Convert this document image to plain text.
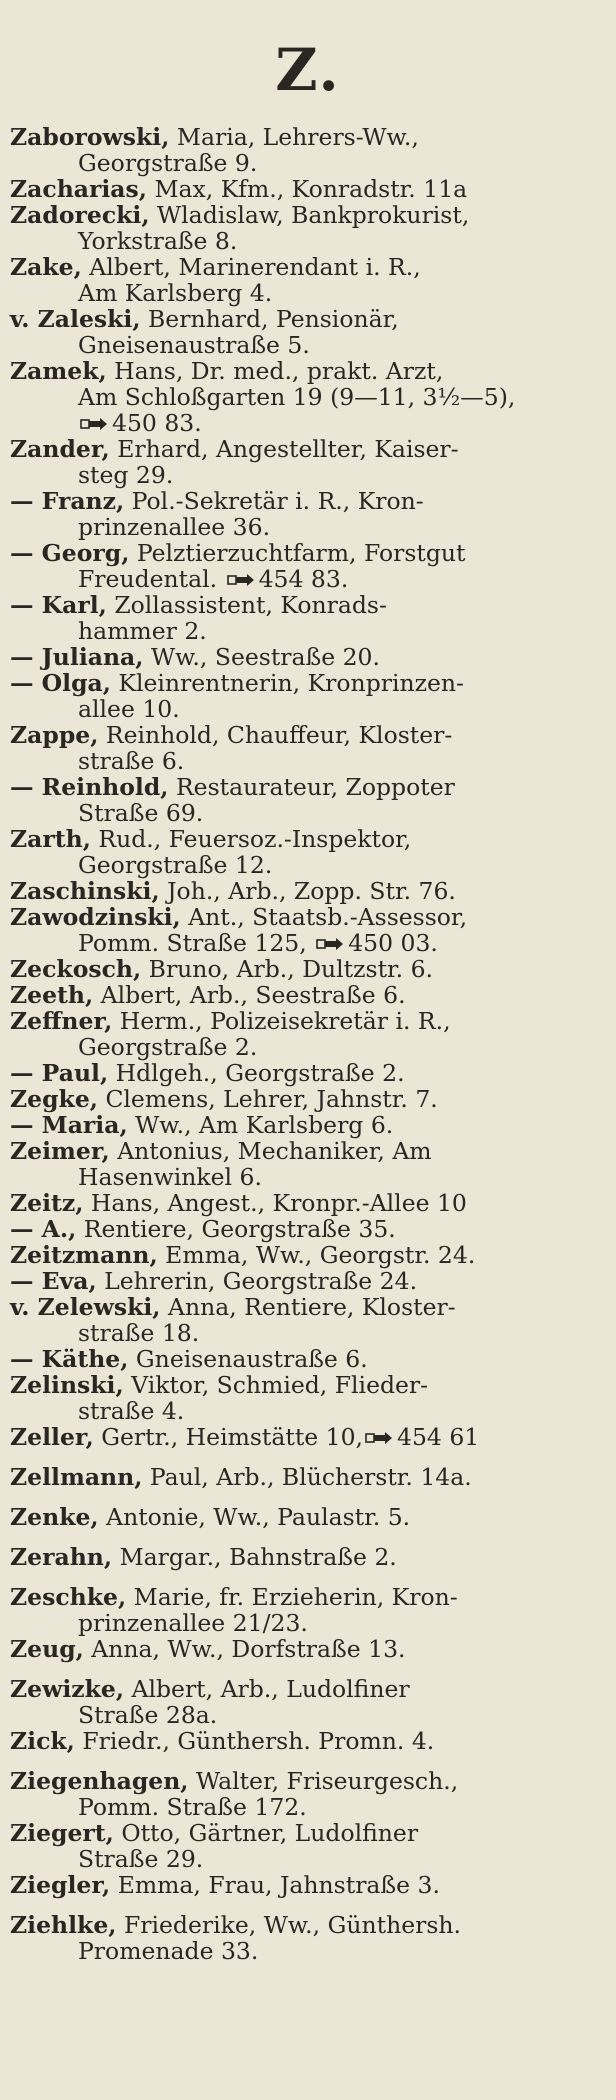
Z.
Zaborowski, Maria, Lehrers-Ww.,
Georgstraße 9.
Zacharias, Max, Kfm., Konradstr. 11a
Zadorecki, Wladislaw, Bankprokurist,
Yorkstraße 8.
Zake, Albert, Marinerendant i. R.,
Am Karlsberg 4.
v. Zaleski, Bernhard, Pensionär,
Gneisenaustraße 5.
Zamek, Hans, Dr. med., prakt. Arzt,
Am Schloßgarten 19 (9—11, 3½—5),
450 83.
Zander, Erhard, Angestellter, Kaiser-
steg 29.
— Franz, Pol.-Sekretär i. R., Kron-
prinzenallee 36.
— Georg, Pelztierzuchtfarm, Forstgut
Freudental. 454 83.
— Karl, Zollassistent, Konrads-
hammer 2.
— Juliana, Ww., Seestraße 20.
— Olga, Kleinrentnerin, Kronprinzen-
allee 10.
Zappe, Reinhold, Chauffeur, Kloster-
straße 6.
— Reinhold, Restaurateur, Zoppoter
Straße 69.
Zarth, Rud., Feuersoz.-Inspektor,
Georgstraße 12.
Zaschinski, Joh., Arb., Zopp. Str. 76.
Zawodzinski, Ant., Staatsb.-Assessor,
Pomm. Straße 125, 450 03.
Zeckosch, Bruno, Arb., Dultzstr. 6.
Zeeth, Albert, Arb., Seestraße 6.
Zeffner, Herm., Polizeisekretär i. R.,
Georgstraße 2.
— Paul, Hdlgeh., Georgstraße 2.
Zegke, Clemens, Lehrer, Jahnstr. 7.
— Maria, Ww., Am Karlsberg 6.
Zeimer, Antonius, Mechaniker, Am
Hasenwinkel 6.
Zeitz, Hans, Angest., Kronpr.-Allee 10
— A., Rentiere, Georgstraße 35.
Zeitzmann, Emma, Ww., Georgstr. 24.
— Eva, Lehrerin, Georgstraße 24.
v. Zelewski, Anna, Rentiere, Kloster-
straße 18.
— Käthe, Gneisenaustraße 6.
Zelinski, Viktor, Schmied, Flieder-
straße 4.
Zeller, Gertr., Heimstätte 10, 454 61
Zellmann, Paul, Arb., Blücherstr. 14a.
Zenke, Antonie, Ww., Paulastr. 5.
Zerahn, Margar., Bahnstraße 2.
Zeschke, Marie, fr. Erzieherin, Kron-
prinzenallee 21/23.
Zeug, Anna, Ww., Dorfstraße 13.
Zewizke, Albert, Arb., Ludolfiner
Straße 28a.
Zick, Friedr., Günthersh. Promn. 4.
Ziegenhagen, Walter, Friseurgesch.,
Pomm. Straße 172.
Ziegert, Otto, Gärtner, Ludolfiner
Straße 29.
Ziegler, Emma, Frau, Jahnstraße 3.
Ziehlke, Friederike, Ww., Günthersh.
Promenade 33.
